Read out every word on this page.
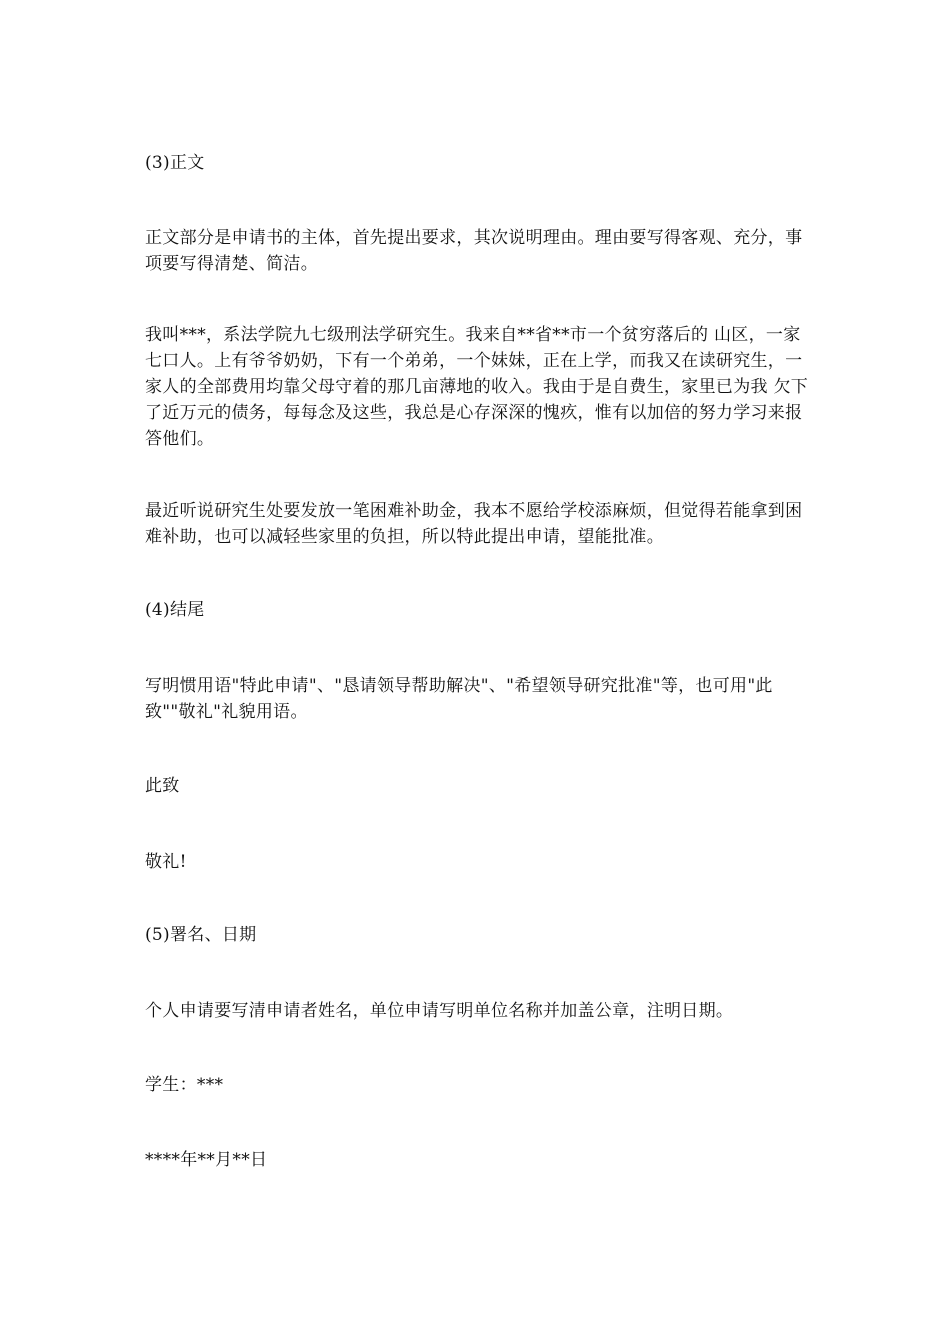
(3)正文
正文部分是申请书的主体，首先提出要求，其次说明理由。理由要写得客观、充分，事项要写得清楚、简洁。
我叫***，系法学院九七级刑法学研究生。我来自**省**市一个贫穷落后的 山区，一家七口人。上有爷爷奶奶，下有一个弟弟，一个妹妹，正在上学，而我又在读研究生，一家人的全部费用均靠父母守着的那几亩薄地的收入。我由于是自费生，家里已为我 欠下了近万元的债务，每每念及这些，我总是心存深深的愧疚，惟有以加倍的努力学习来报答他们。
最近听说研究生处要发放一笔困难补助金，我本不愿给学校添麻烦，但觉得若能拿到困难补助，也可以减轻些家里的负担，所以特此提出申请，望能批准。
(4)结尾
写明惯用语"特此申请"、"恳请领导帮助解决"、"希望领导研究批准"等，也可用"此致""敬礼"礼貌用语。
此致
敬礼!
(5)署名、日期
个人申请要写清申请者姓名，单位申请写明单位名称并加盖公章，注明日期。
学生：***
****年**月**日
